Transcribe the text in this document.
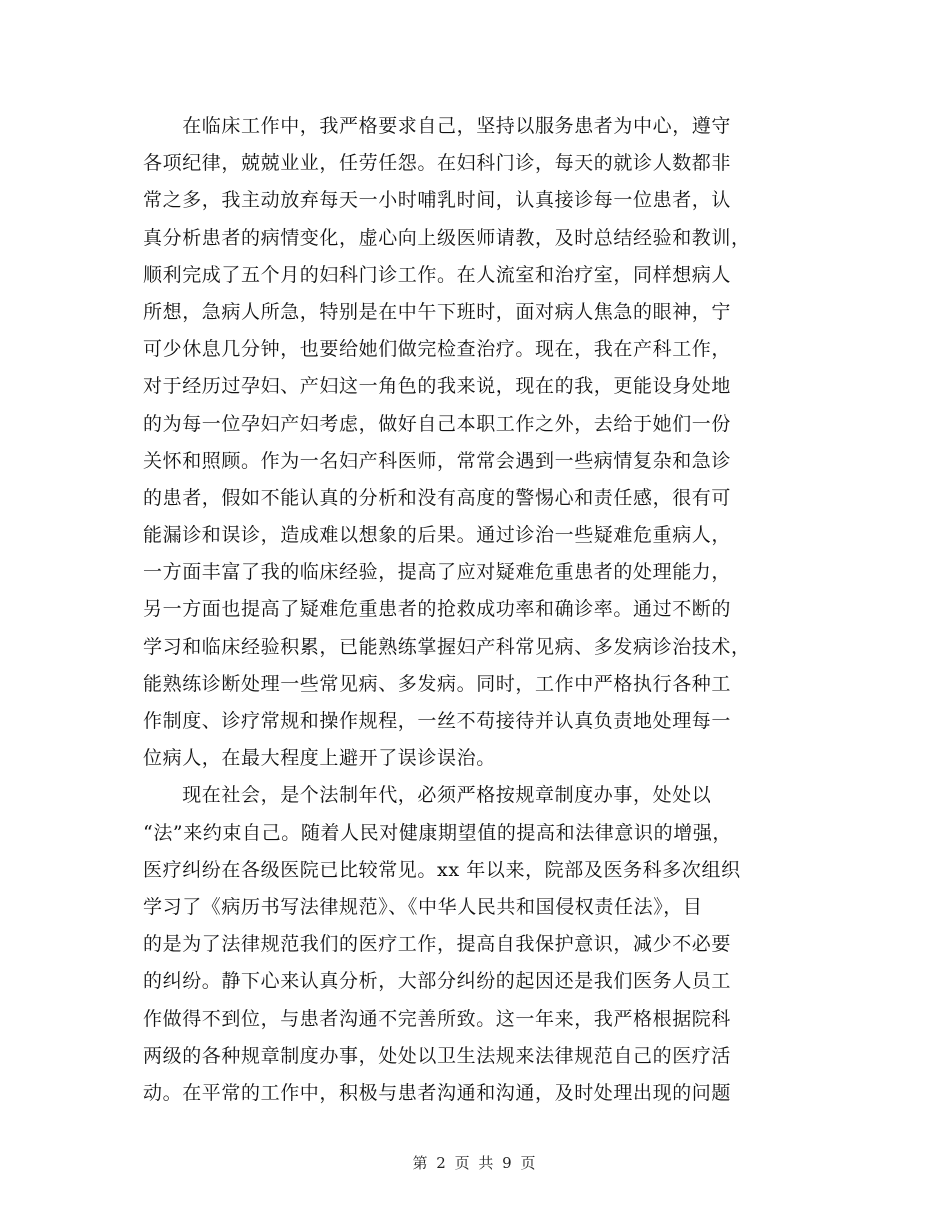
　　在临床工作中，我严格要求自己，坚持以服务患者为中心，遵守
各项纪律，兢兢业业，任劳任怨。在妇科门诊，每天的就诊人数都非
常之多，我主动放弃每天一小时哺乳时间，认真接诊每一位患者，认
真分析患者的病情变化，虚心向上级医师请教，及时总结经验和教训，
顺利完成了五个月的妇科门诊工作。在人流室和治疗室，同样想病人
所想，急病人所急，特别是在中午下班时，面对病人焦急的眼神，宁
可少休息几分钟，也要给她们做完检查治疗。现在，我在产科工作，
对于经历过孕妇、产妇这一角色的我来说，现在的我，更能设身处地
的为每一位孕妇产妇考虑，做好自己本职工作之外，去给于她们一份
关怀和照顾。作为一名妇产科医师，常常会遇到一些病情复杂和急诊
的患者，假如不能认真的分析和没有高度的警惕心和责任感，很有可
能漏诊和误诊，造成难以想象的后果。通过诊治一些疑难危重病人，
一方面丰富了我的临床经验，提高了应对疑难危重患者的处理能力，
另一方面也提高了疑难危重患者的抢救成功率和确诊率。通过不断的
学习和临床经验积累，已能熟练掌握妇产科常见病、多发病诊治技术，
能熟练诊断处理一些常见病、多发病。同时，工作中严格执行各种工
作制度、诊疗常规和操作规程，一丝不苟接待并认真负责地处理每一
位病人，在最大程度上避开了误诊误治。
　　现在社会，是个法制年代，必须严格按规章制度办事，处处以
“法”来约束自己。随着人民对健康期望值的提高和法律意识的增强，
医疗纠纷在各级医院已比较常见。xx 年以来，院部及医务科多次组织
学习了《病历书写法律规范》、《中华人民共和国侵权责任法》，目
的是为了法律规范我们的医疗工作，提高自我保护意识，减少不必要
的纠纷。静下心来认真分析，大部分纠纷的起因还是我们医务人员工
作做得不到位，与患者沟通不完善所致。这一年来，我严格根据院科
两级的各种规章制度办事，处处以卫生法规来法律规范自己的医疗活
动。在平常的工作中，积极与患者沟通和沟通，及时处理出现的问题
第 2 页 共 9 页
